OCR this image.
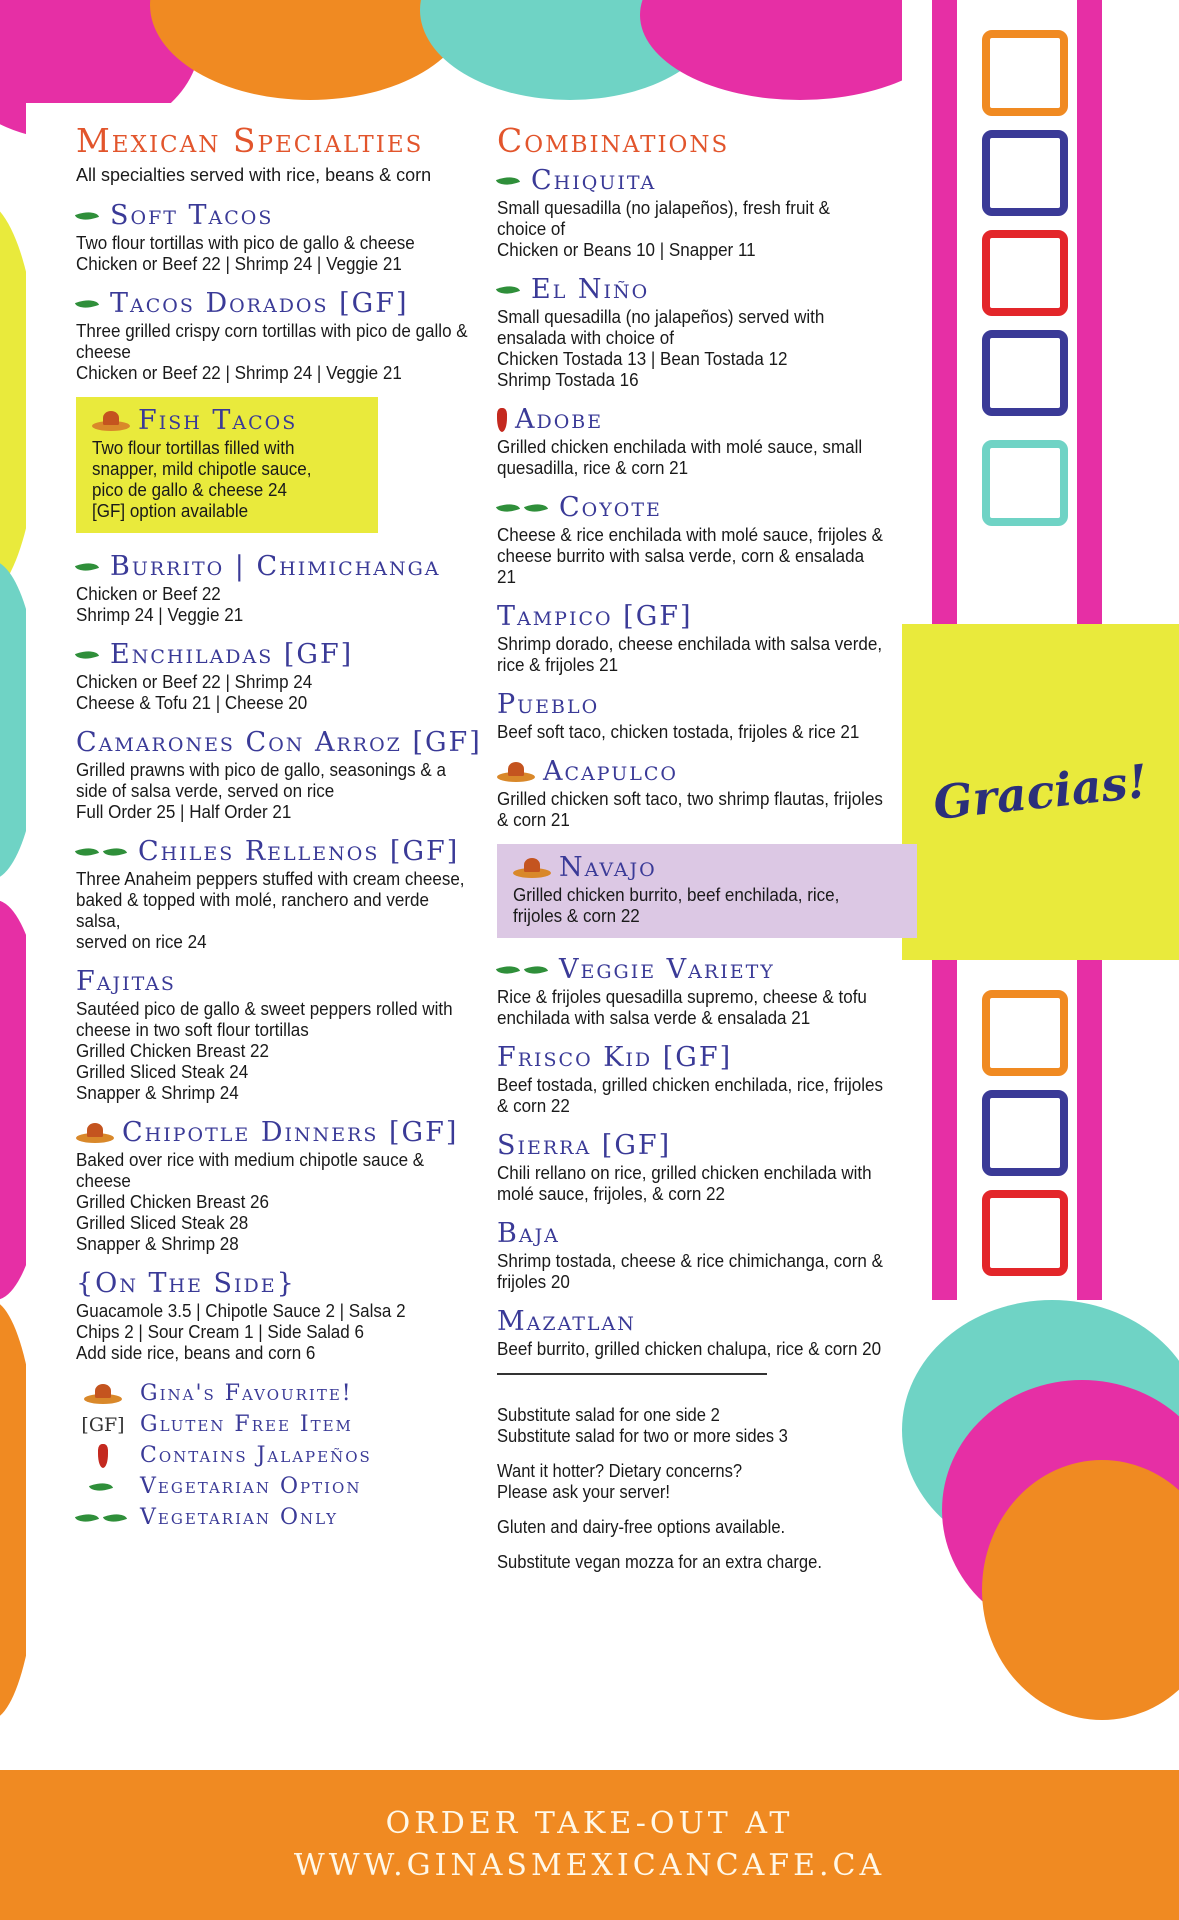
Gracias!
Mexican Specialties
All specialties served with rice, beans & corn
Soft Tacos
Two flour tortillas with pico de gallo & cheese
Chicken or Beef 22 | Shrimp 24 | Veggie 21
Tacos Dorados [GF]
Three grilled crispy corn tortillas with pico de gallo & cheese
Chicken or Beef 22 | Shrimp 24 | Veggie 21
Fish Tacos
Two flour tortillas filled with snapper, mild chipotle sauce, pico de gallo & cheese 24
[GF] option available
Burrito | Chimichanga
Chicken or Beef 22
Shrimp 24 | Veggie 21
Enchiladas [GF]
Chicken or Beef 22 | Shrimp 24
Cheese & Tofu 21 | Cheese 20
Camarones Con Arroz [GF]
Grilled prawns with pico de gallo, seasonings & a side of salsa verde, served on rice
Full Order 25 | Half Order 21
Chiles Rellenos [GF]
Three Anaheim peppers stuffed with cream cheese, baked & topped with molé, ranchero and verde salsa,
served on rice 24
Fajitas
Sautéed pico de gallo & sweet peppers rolled with cheese in two soft flour tortillas
Grilled Chicken Breast 22
Grilled Sliced Steak 24
Snapper & Shrimp 24
Chipotle Dinners [GF]
Baked over rice with medium chipotle sauce & cheese
Grilled Chicken Breast 26
Grilled Sliced Steak 28
Snapper & Shrimp 28
{On The Side}
Guacamole 3.5 | Chipotle Sauce 2 | Salsa 2
Chips 2 | Sour Cream 1 | Side Salad 6
Add side rice, beans and corn 6
Gina's Favourite!
[GF] Gluten Free Item
Contains Jalapeños
Vegetarian Option
Vegetarian Only
Combinations
Chiquita
Small quesadilla (no jalapeños), fresh fruit & choice of
Chicken or Beans 10 | Snapper 11
El Niño
Small quesadilla (no jalapeños) served with ensalada with choice of
Chicken Tostada 13 | Bean Tostada 12
Shrimp Tostada 16
Adobe
Grilled chicken enchilada with molé sauce, small quesadilla, rice & corn 21
Coyote
Cheese & rice enchilada with molé sauce, frijoles & cheese burrito with salsa verde, corn & ensalada 21
Tampico [GF]
Shrimp dorado, cheese enchilada with salsa verde, rice & frijoles 21
Pueblo
Beef soft taco, chicken tostada, frijoles & rice 21
Acapulco
Grilled chicken soft taco, two shrimp flautas, frijoles & corn 21
Navajo
Grilled chicken burrito, beef enchilada, rice, frijoles & corn 22
Veggie Variety
Rice & frijoles quesadilla supremo, cheese & tofu enchilada with salsa verde & ensalada 21
Frisco Kid [GF]
Beef tostada, grilled chicken enchilada, rice, frijoles & corn 22
Sierra [GF]
Chili rellano on rice, grilled chicken enchilada with molé sauce, frijoles, & corn 22
Baja
Shrimp tostada, cheese & rice chimichanga, corn & frijoles 20
Mazatlan
Beef burrito, grilled chicken chalupa, rice & corn 20
Substitute salad for one side 2
Substitute salad for two or more sides 3
Want it hotter? Dietary concerns?
Please ask your server!
Gluten and dairy-free options available.
Substitute vegan mozza for an extra charge.
ORDER TAKE-OUT AT
WWW.GINASMEXICANCAFE.CA
